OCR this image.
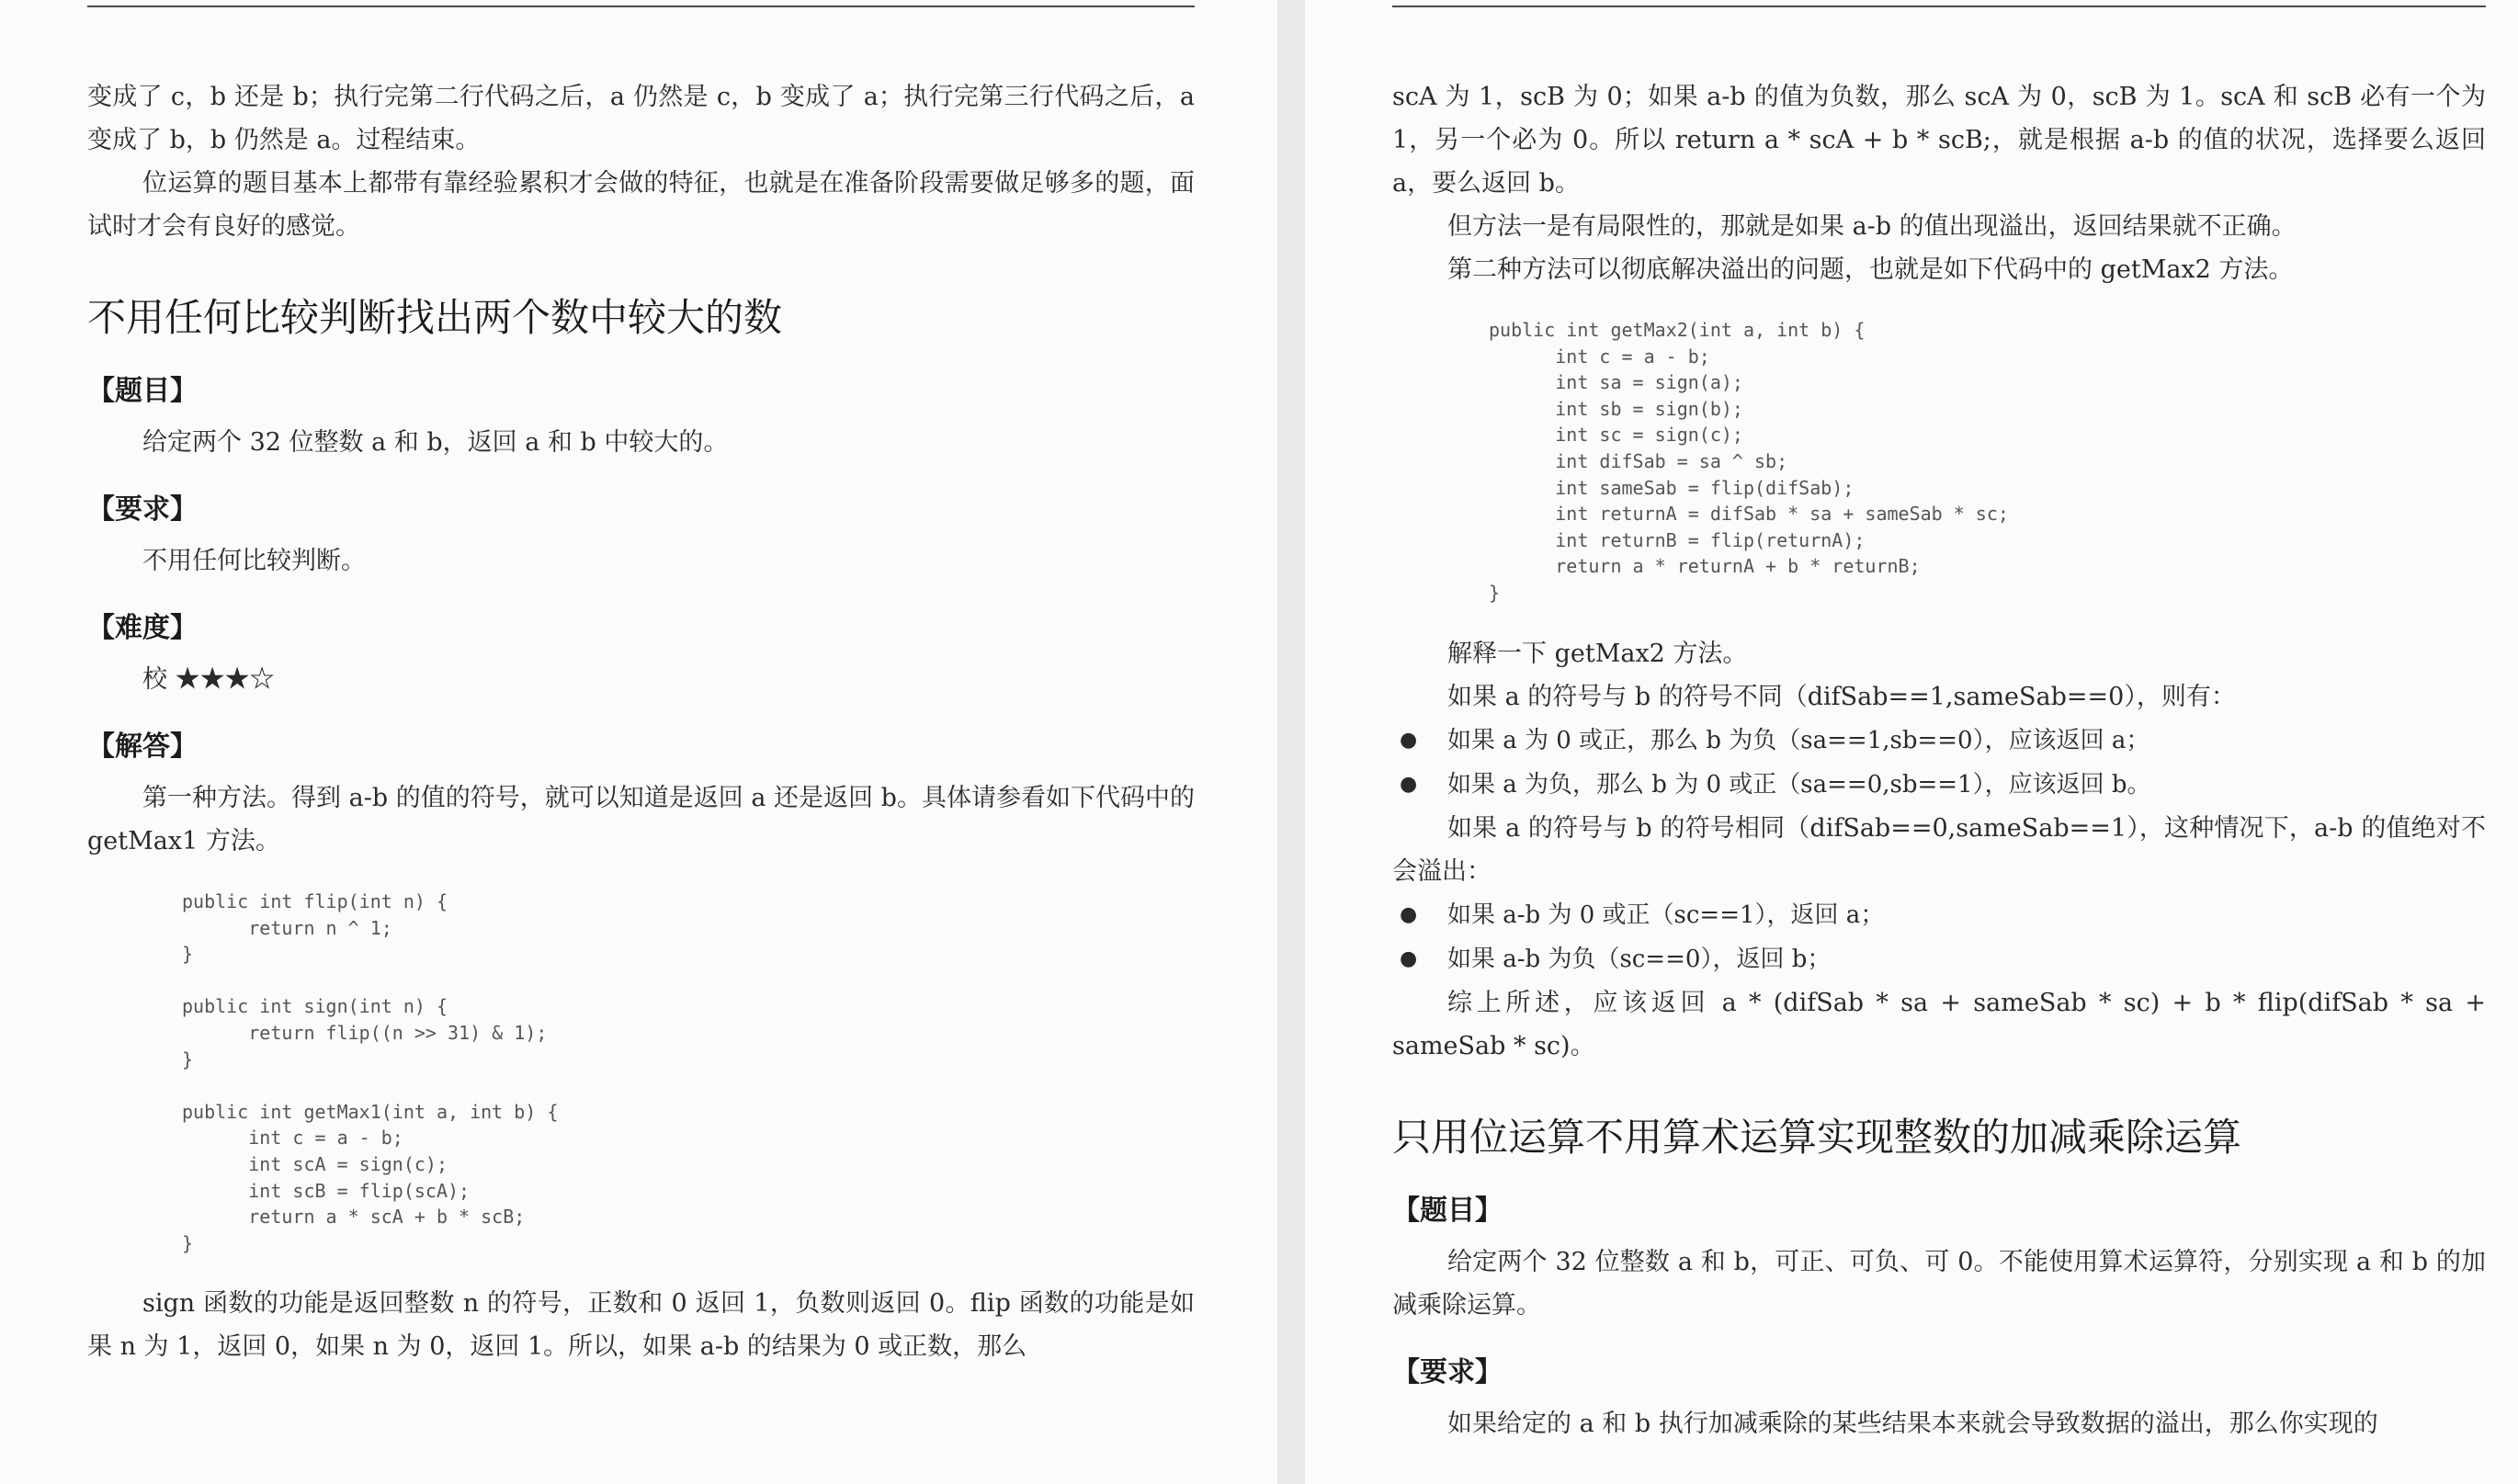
变成了 c，b 还是 b；执行完第二行代码之后，a 仍然是 c，b 变成了 a；执行完第三行代码之后，a 变成了 b，b 仍然是 a。过程结束。

位运算的题目基本上都带有靠经验累积才会做的特征，也就是在准备阶段需要做足够多的题，面试时才会有良好的感觉。

不用任何比较判断找出两个数中较大的数
【题目】

给定两个 32 位整数 a 和 b，返回 a 和 b 中较大的。

【要求】

不用任何比较判断。

【难度】

校 ★★★☆

【解答】

第一种方法。得到 a-b 的值的符号，就可以知道是返回 a 还是返回 b。具体请参看如下代码中的 getMax1 方法。

public int flip(int n) {
	return n ^ 1;
}

public int sign(int n) {
	return flip((n >> 31) & 1);
}

public int getMax1(int a, int b) {
	int c = a - b;
	int scA = sign(c);
	int scB = flip(scA);
	return a * scA + b * scB;
}

sign 函数的功能是返回整数 n 的符号，正数和 0 返回 1，负数则返回 0。flip 函数的功能是如果 n 为 1，返回 0，如果 n 为 0，返回 1。所以，如果 a-b 的结果为 0 或正数，那么

scA 为 1，scB 为 0；如果 a-b 的值为负数，那么 scA 为 0，scB 为 1。scA 和 scB 必有一个为 1，另一个必为 0。所以 return a * scA + b * scB;，就是根据 a-b 的值的状况，选择要么返回 a，要么返回 b。

但方法一是有局限性的，那就是如果 a-b 的值出现溢出，返回结果就不正确。

第二种方法可以彻底解决溢出的问题，也就是如下代码中的 getMax2 方法。

public int getMax2(int a, int b) {
	int c = a - b;
	int sa = sign(a);
	int sb = sign(b);
	int sc = sign(c);
	int difSab = sa ^ sb;
	int sameSab = flip(difSab);
	int returnA = difSab * sa + sameSab * sc;
	int returnB = flip(returnA);
	return a * returnA + b * returnB;
}

解释一下 getMax2 方法。

如果 a 的符号与 b 的符号不同（difSab==1,sameSab==0），则有：

● 如果 a 为 0 或正，那么 b 为负（sa==1,sb==0），应该返回 a；
● 如果 a 为负，那么 b 为 0 或正（sa==0,sb==1），应该返回 b。

如果 a 的符号与 b 的符号相同（difSab==0,sameSab==1），这种情况下，a-b 的值绝对不会溢出：

● 如果 a-b 为 0 或正（sc==1），返回 a；
● 如果 a-b 为负（sc==0），返回 b；

综上所述，应该返回 a * (difSab * sa + sameSab * sc) + b * flip(difSab * sa + sameSab * sc)。

只用位运算不用算术运算实现整数的加减乘除运算
【题目】

给定两个 32 位整数 a 和 b，可正、可负、可 0。不能使用算术运算符，分别实现 a 和 b 的加减乘除运算。

【要求】

如果给定的 a 和 b 执行加减乘除的某些结果本来就会导致数据的溢出，那么你实现的
